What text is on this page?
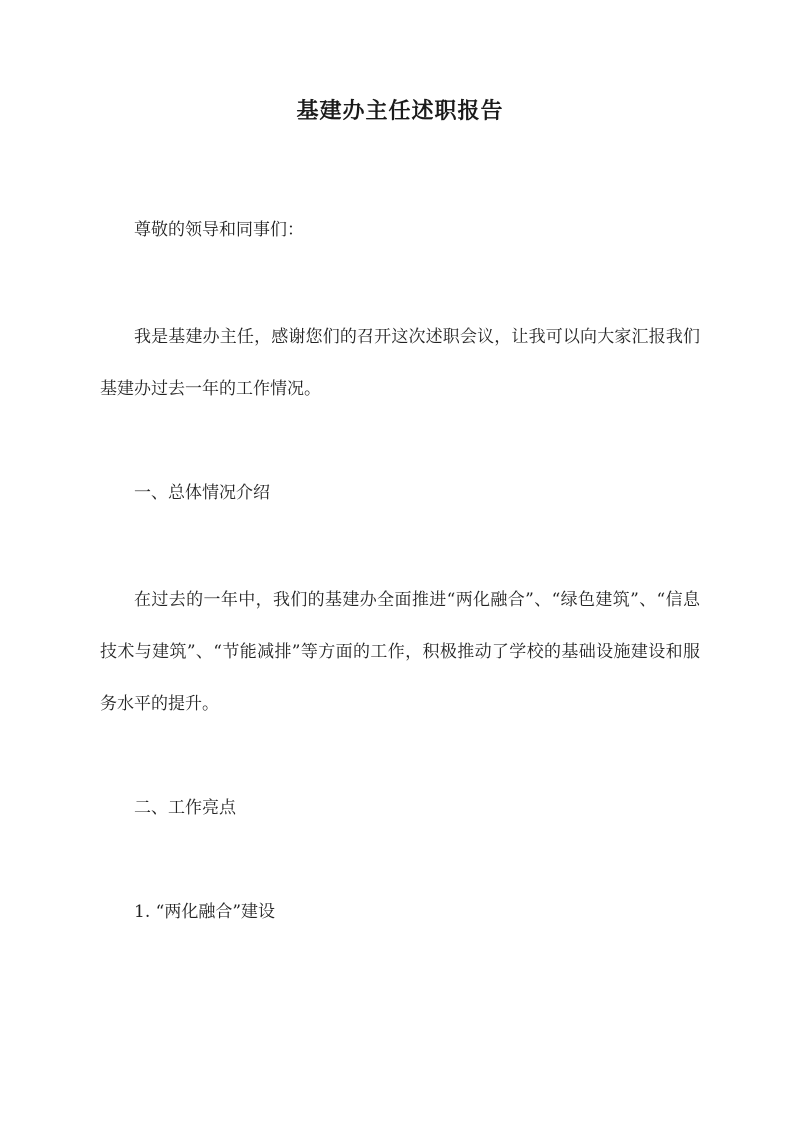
基建办主任述职报告
尊敬的领导和同事们：
我是基建办主任，感谢您们的召开这次述职会议，让我可以向大家汇报我们基建办过去一年的工作情况。
一、总体情况介绍
在过去的一年中，我们的基建办全面推进“两化融合”、“绿色建筑”、“信息技术与建筑”、“节能减排”等方面的工作，积极推动了学校的基础设施建设和服务水平的提升。
二、工作亮点
1. “两化融合”建设
